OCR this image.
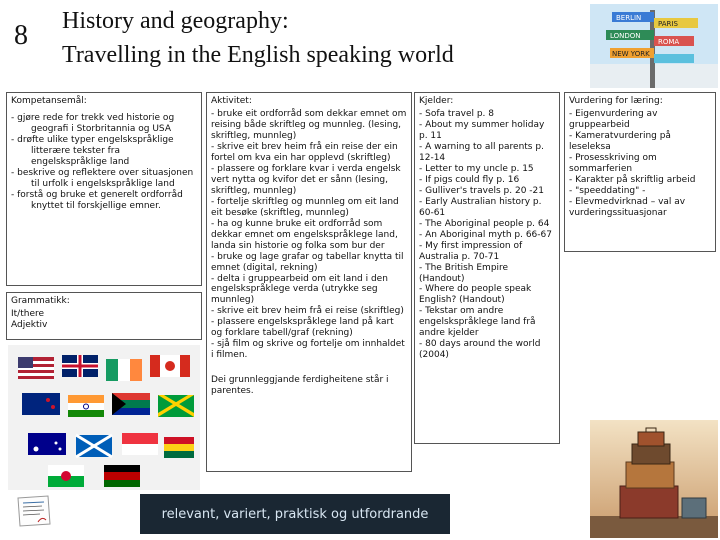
8 History and geography:
Travelling in the English speaking world
BERLIN
PARIS
LONDON
ROMA
NEW YORK
Kompetansemål:
- gjøre rede for trekk ved historie og geografi i Storbritannia og USA
- drøfte ulike typer engelskspråklige litterære tekster fra engelskspråklige land
- beskrive og reflektere over situasjonen til urfolk i engelskspråklige land
- forstå og bruke et generelt ordforråd knyttet til forskjellige emner.
Grammatikk:
It/there
Adjektiv
Aktivitet:
- bruke eit ordforråd som dekkar emnet om reising både skriftleg og munnleg. (lesing, skriftleg, munnleg)
- skrive eit brev heim frå ein reise der ein fortel om kva ein har opplevd (skriftleg)
- plassere og forklare kvar i verda engelsk vert nytta og kvifor det er sånn (lesing, skriftleg, munnleg)
- fortelje skriftleg og munnleg om eit land eit besøke (skriftleg, munnleg)
- ha og kunne bruke eit ordforråd som dekkar emnet om engelskspråklege land, landa sin historie og folka som bur der
- bruke og lage grafar og tabellar knytta til emnet (digital, rekning)
- delta i gruppearbeid om eit land i den engelskspråklege verda (utrykke seg munnleg)
- skrive eit brev heim frå ei reise (skriftleg)
- plassere engelskspråklege land på kart og forklare tabell/graf (rekning)
- sjå film og skrive og fortelje om innhaldet i filmen.
Dei grunnleggjande ferdigheitene står i parentes.
Kjelder:
- Sofa travel p. 8
- About my summer holiday p. 11
- A warning to all parents p. 12-14
- Letter to my uncle p. 15
- If pigs could fly p. 16
- Gulliver's travels p. 20 -21
- Early Australian history p. 60-61
- The Aboriginal people p. 64
- An Aboriginal myth p. 66-67
- My first impression of Australia p. 70-71
- The British Empire (Handout)
- Where do people speak English? (Handout)
- Tekstar om andre engelskspråklege land frå andre kjelder
- 80 days around the world (2004)
Vurdering for læring:
- Eigenvurdering av gruppearbeid
- Kameratvurdering på leseleksa
- Prosesskriving om sommarferien
- Karakter på skriftlig arbeid
- "speeddating" -
- Elevmedvirknad – val av vurderingssituasjonar
relevant, variert, praktisk og utfordrande
